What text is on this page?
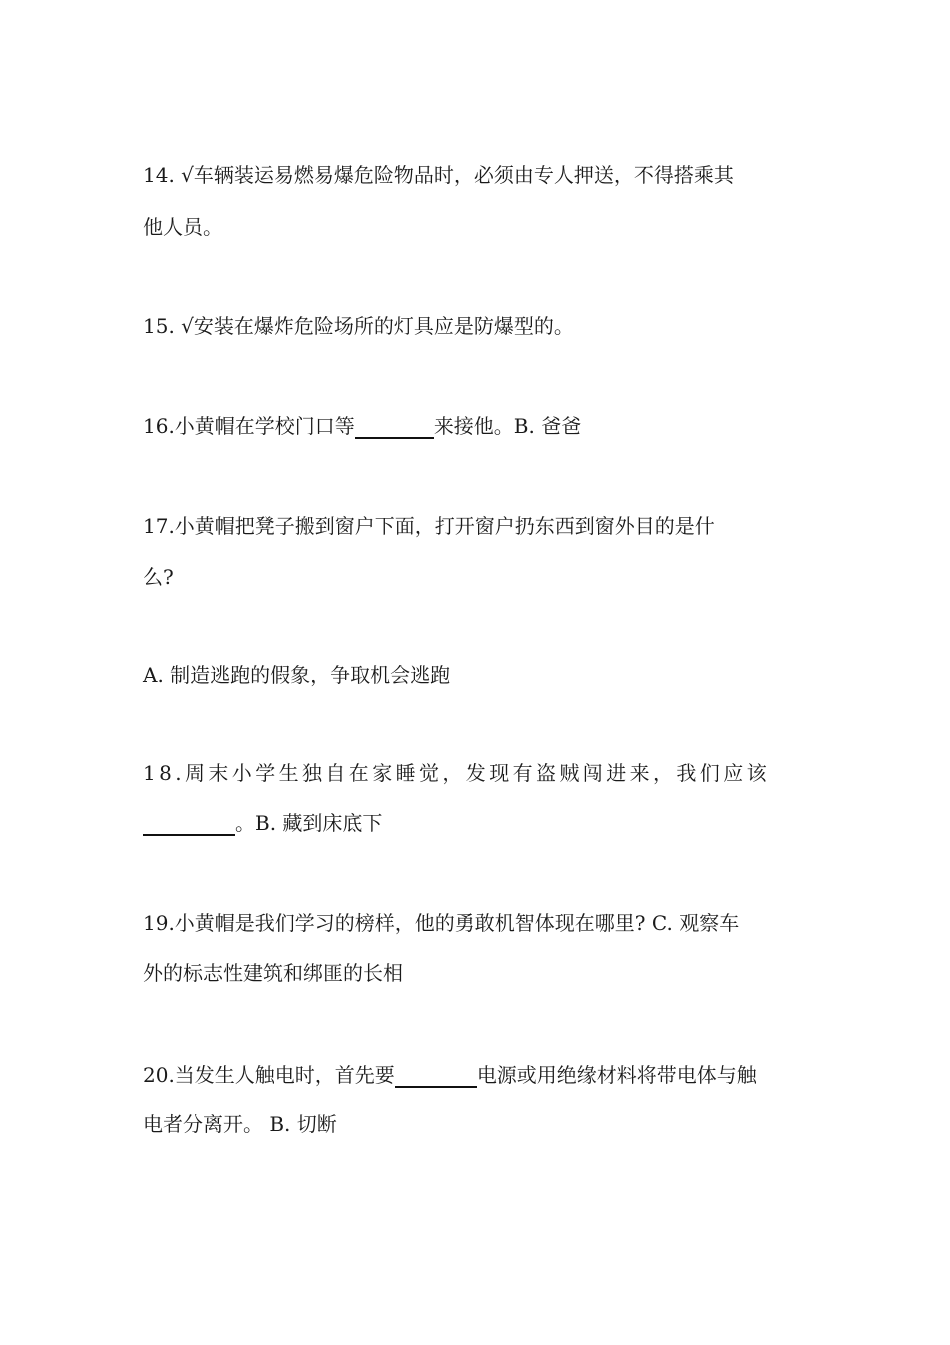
14. √车辆装运易燃易爆危险物品时，必须由专人押送，不得搭乘其
他人员。
15. √安装在爆炸危险场所的灯具应是防爆型的。
16.小黄帽在学校门口等	来接他。B. 爸爸
17.小黄帽把凳子搬到窗户下面，打开窗户扔东西到窗外目的是什
么?
A. 制造逃跑的假象，争取机会逃跑
18.周末小学生独自在家睡觉，发现有盗贼闯进来，我们应该
。B. 藏到床底下
19.小黄帽是我们学习的榜样，他的勇敢机智体现在哪里? C. 观察车
外的标志性建筑和绑匪的长相
20.当发生人触电时，首先要	电源或用绝缘材料将带电体与触
电者分离开。 B. 切断
